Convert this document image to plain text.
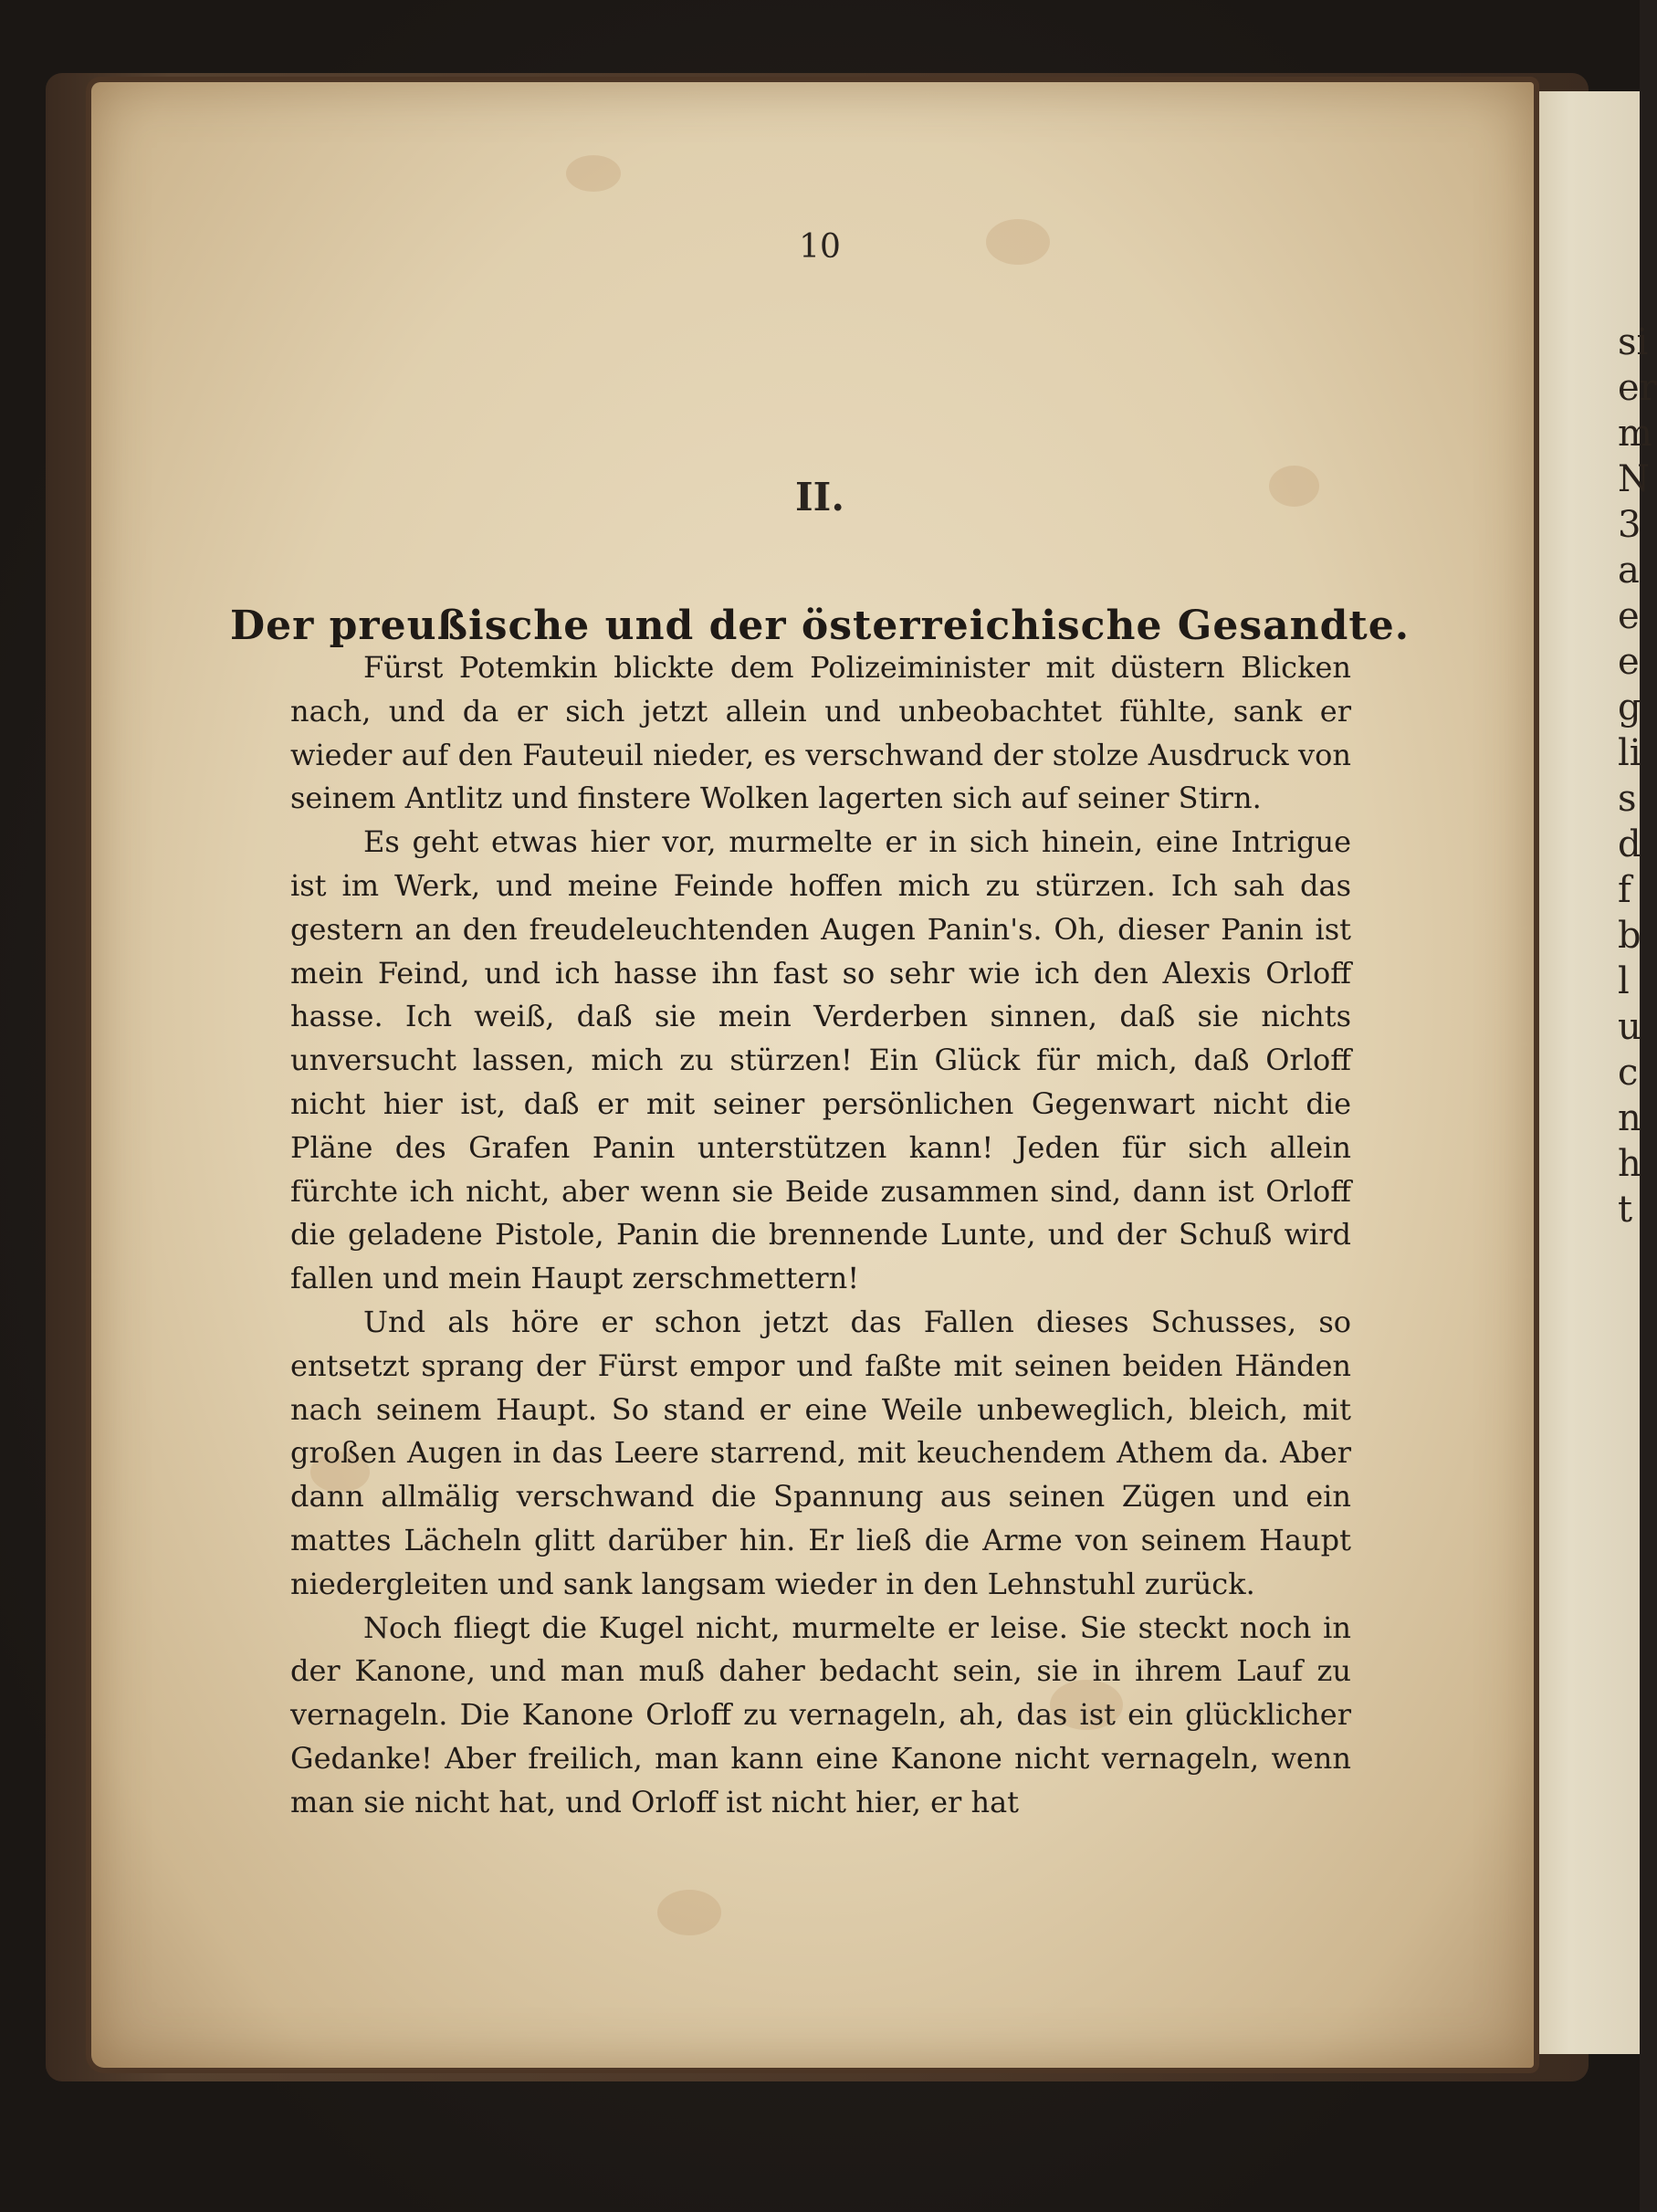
si
er
m
N
3
a
e
e
g
li
s
d
f
b
l
u
c
n
h
t
10
II.
Der preußische und der österreichische Gesandte.

Fürst Potemkin blickte dem Polizeiminister mit düstern Blicken nach, und da er sich jetzt allein und unbeobachtet fühlte, sank er wieder auf den Fauteuil nieder, es verschwand der stolze Ausdruck von seinem Antlitz und finstere Wolken lagerten sich auf seiner Stirn.

Es geht etwas hier vor, murmelte er in sich hinein, eine Intrigue ist im Werk, und meine Feinde hoffen mich zu stürzen. Ich sah das gestern an den freudeleuchtenden Augen Panin's. Oh, dieser Panin ist mein Feind, und ich hasse ihn fast so sehr wie ich den Alexis Orloff hasse. Ich weiß, daß sie mein Verderben sinnen, daß sie nichts unversucht lassen, mich zu stürzen! Ein Glück für mich, daß Orloff nicht hier ist, daß er mit seiner persönlichen Gegenwart nicht die Pläne des Grafen Panin unterstützen kann! Jeden für sich allein fürchte ich nicht, aber wenn sie Beide zusammen sind, dann ist Orloff die geladene Pistole, Panin die brennende Lunte, und der Schuß wird fallen und mein Haupt zerschmettern!

Und als höre er schon jetzt das Fallen dieses Schusses, so entsetzt sprang der Fürst empor und faßte mit seinen beiden Händen nach seinem Haupt. So stand er eine Weile unbeweglich, bleich, mit großen Augen in das Leere starrend, mit keuchendem Athem da. Aber dann allmälig verschwand die Spannung aus seinen Zügen und ein mattes Lächeln glitt darüber hin. Er ließ die Arme von seinem Haupt niedergleiten und sank langsam wieder in den Lehnstuhl zurück.

Noch fliegt die Kugel nicht, murmelte er leise. Sie steckt noch in der Kanone, und man muß daher bedacht sein, sie in ihrem Lauf zu vernageln. Die Kanone Orloff zu vernageln, ah, das ist ein glücklicher Gedanke! Aber freilich, man kann eine Kanone nicht vernageln, wenn man sie nicht hat, und Orloff ist nicht hier, er hat
